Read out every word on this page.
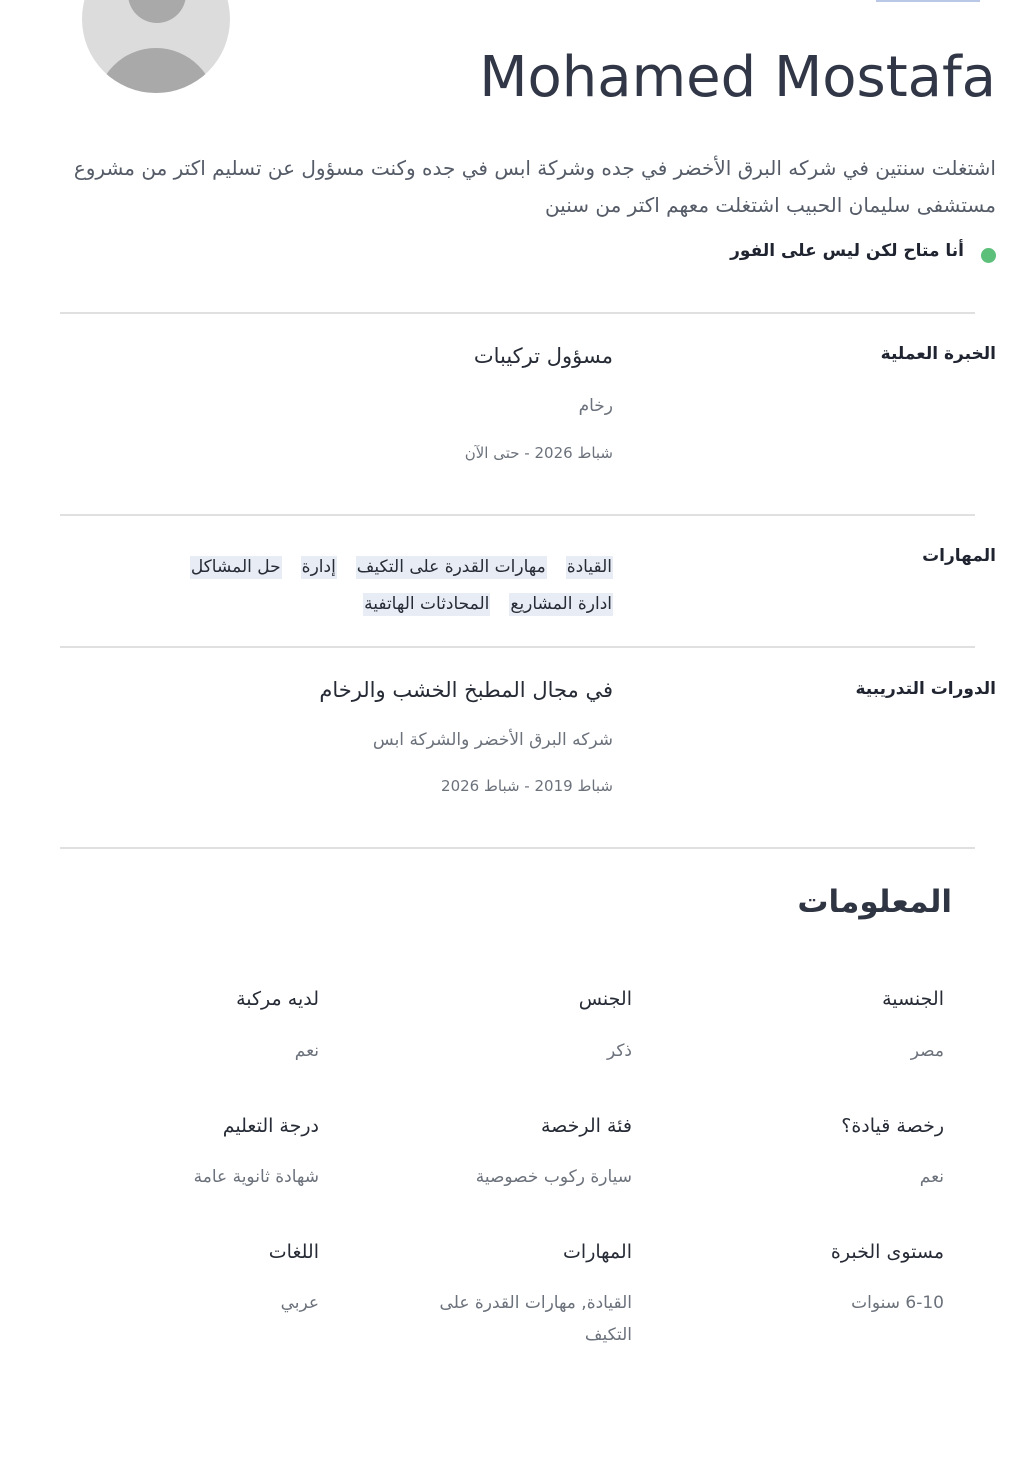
Mohamed Mostafa
اشتغلت سنتين في شركه البرق الأخضر في جده وشركة ابس في جده وكنت مسؤول عن تسليم اكتر من مشروع مستشفى سليمان الحبيب اشتغلت معهم اكتر من سنين
أنا متاح لكن ليس على الفور
الخبرة العملية
مسؤول تركيبات
رخام
شباط 2026 - حتى الآن
المهارات
القيادةمهارات القدرة على التكيفإدارةحل المشاكلادارة المشاريعالمحادثات الهاتفية
الدورات التدريبية
في مجال المطبخ الخشب والرخام
شركه البرق الأخضر والشركة ابس
شباط 2019 - شباط 2026
المعلومات
الجنسية
مصر
الجنس
ذكر
لديه مركبة
نعم
رخصة قيادة؟
نعم
فئة الرخصة
سيارة ركوب خصوصية
درجة التعليم
شهادة ثانوية عامة
مستوى الخبرة
6-10 سنوات
المهارات
القيادة, مهارات القدرة على التكيف
اللغات
عربي
